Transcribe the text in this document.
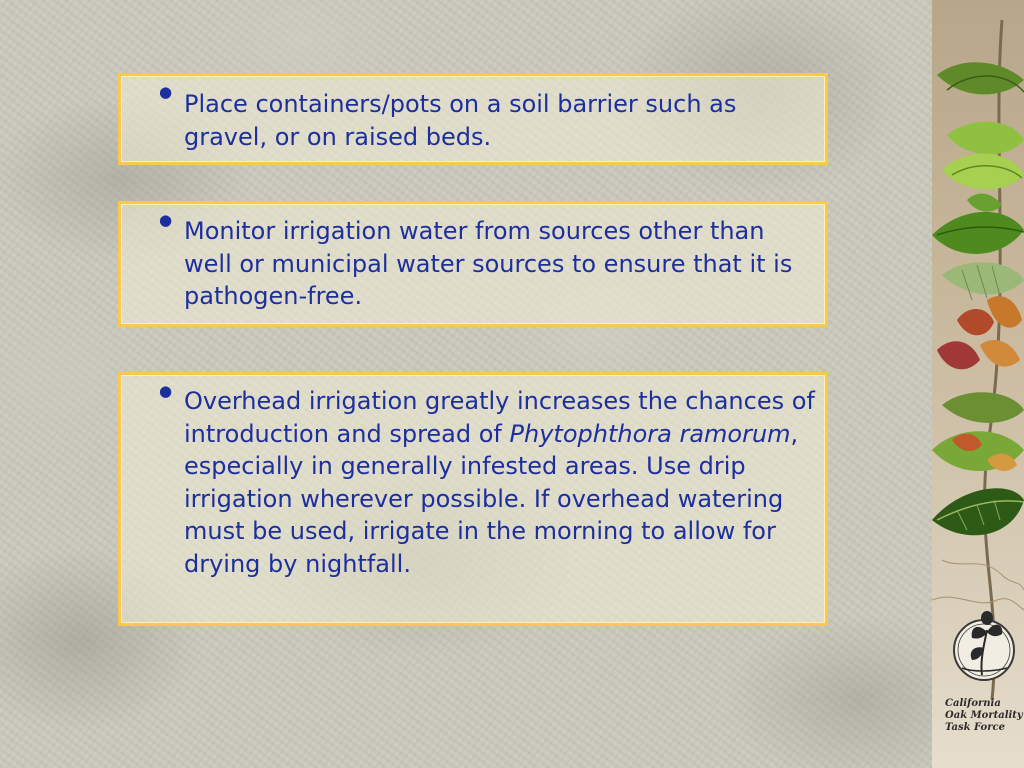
● Place containers/pots on a soil barrier such as gravel, or on raised beds.
● Monitor irrigation water from sources other than well or municipal water sources to ensure that it is pathogen-free.
● Overhead irrigation greatly increases the chances of introduction and spread of Phytophthora ramorum, especially in generally infested areas. Use drip irrigation wherever possible. If overhead watering must be used, irrigate in the morning to allow for drying by nightfall.
California
Oak Mortality
Task Force
